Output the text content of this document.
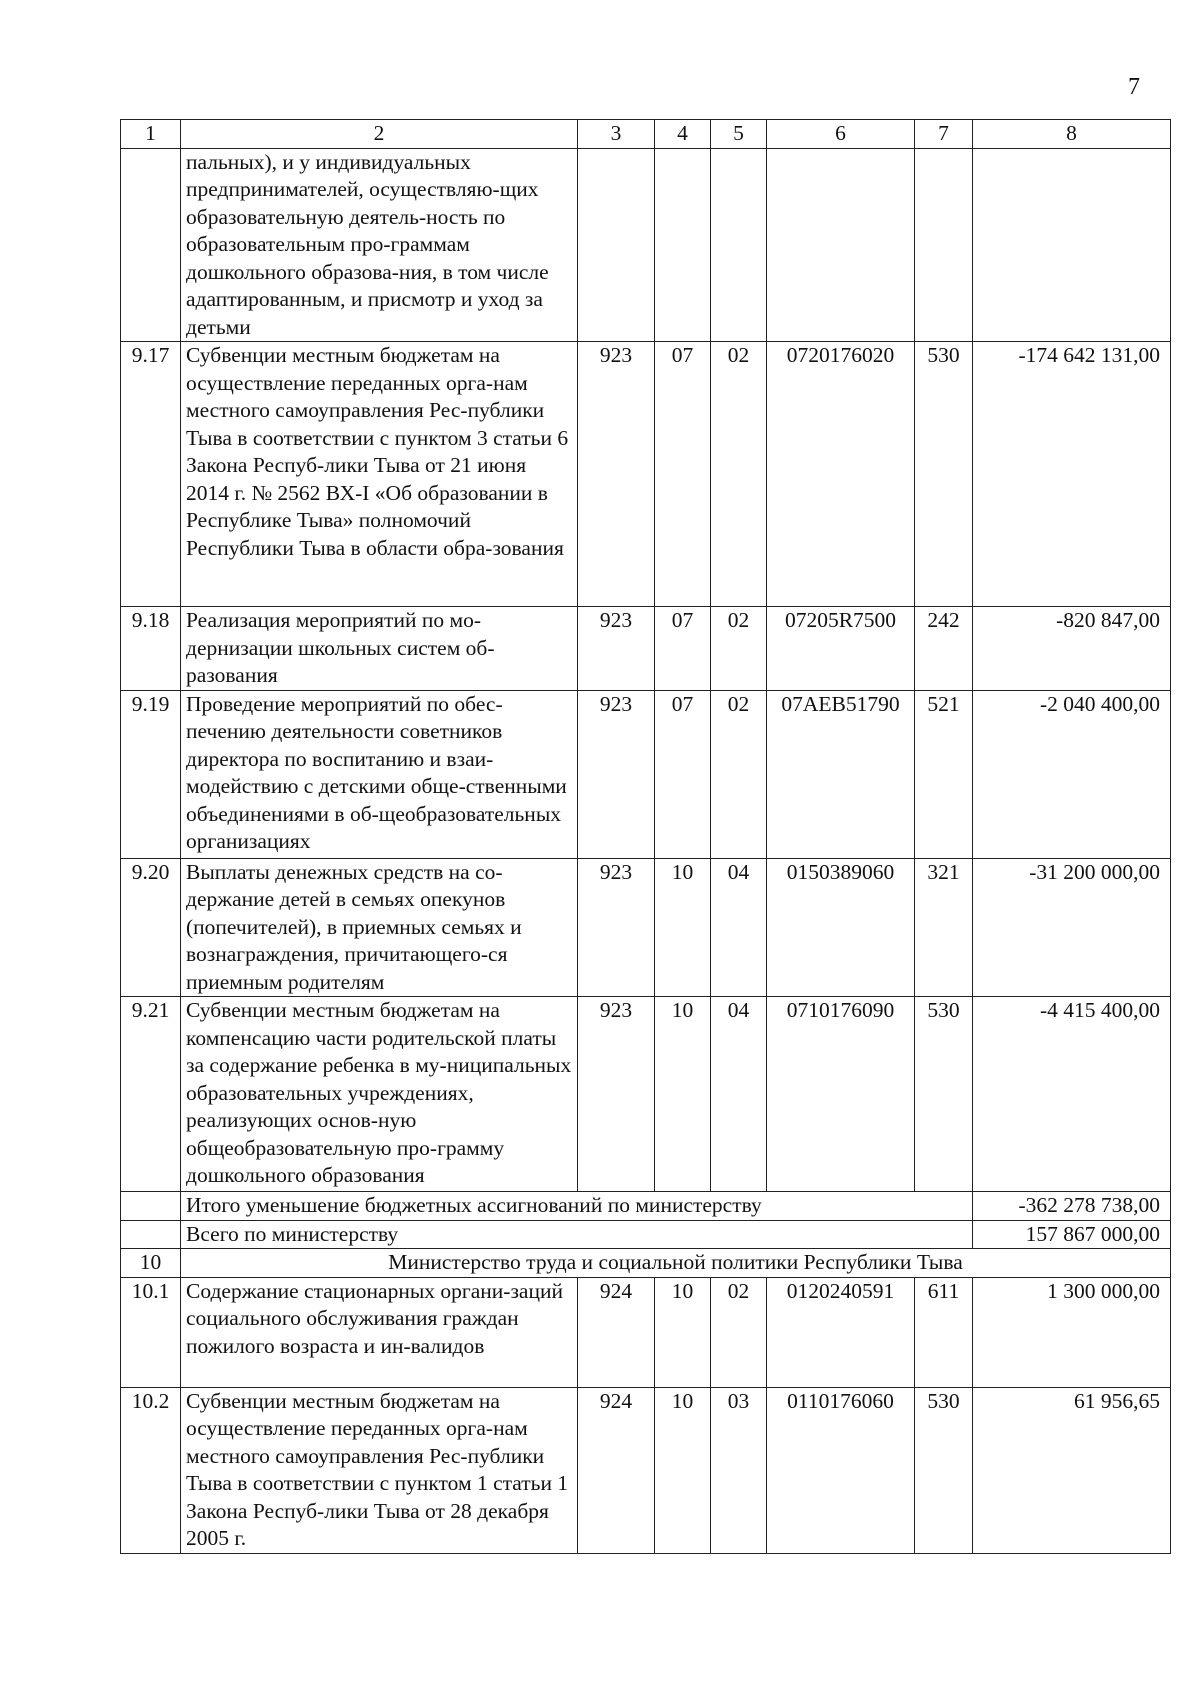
7
1	2	3	4	5	6	7	8
	пальных), и у индивидуальных предпринимателей, осуществляю-щих образовательную деятель-ность по образовательным про-граммам дошкольного образова-ния, в том числе адаптированным, и присмотр и уход за детьми						
9.17	Субвенции местным бюджетам на осуществление переданных орга-нам местного самоуправления Рес-публики Тыва в соответствии с пунктом 3 статьи 6 Закона Респуб-лики Тыва от 21 июня 2014 г. № 2562 ВХ-I «Об образовании в Республике Тыва» полномочий Республики Тыва в области обра-зования	923	07	02	0720176020	530	-174 642 131,00
9.18	Реализация мероприятий по мо-дернизации школьных систем об-разования	923	07	02	07205R7500	242	-820 847,00
9.19	Проведение мероприятий по обес-печению деятельности советников директора по воспитанию и взаи-модействию с детскими обще-ственными объединениями в об-щеобразовательных организациях	923	07	02	07АЕВ51790	521	-2 040 400,00
9.20	Выплаты денежных средств на со-держание детей в семьях опекунов (попечителей), в приемных семьях и вознаграждения, причитающего-ся приемным родителям	923	10	04	0150389060	321	-31 200 000,00
9.21	Субвенции местным бюджетам на компенсацию части родительской платы за содержание ребенка в му-ниципальных образовательных учреждениях, реализующих основ-ную общеобразовательную про-грамму дошкольного образования	923	10	04	0710176090	530	-4 415 400,00
	Итого уменьшение бюджетных ассигнований по министерству						-362 278 738,00
	Всего по министерству						157 867 000,00
10	Министерство труда и социальной политики Республики Тыва						
10.1	Содержание стационарных органи-заций социального обслуживания граждан пожилого возраста и ин-валидов	924	10	02	0120240591	611	1 300 000,00
10.2	Субвенции местным бюджетам на осуществление переданных орга-нам местного самоуправления Рес-публики Тыва в соответствии с пунктом 1 статьи 1 Закона Респуб-лики Тыва от 28 декабря 2005 г.	924	10	03	0110176060	530	61 956,65
